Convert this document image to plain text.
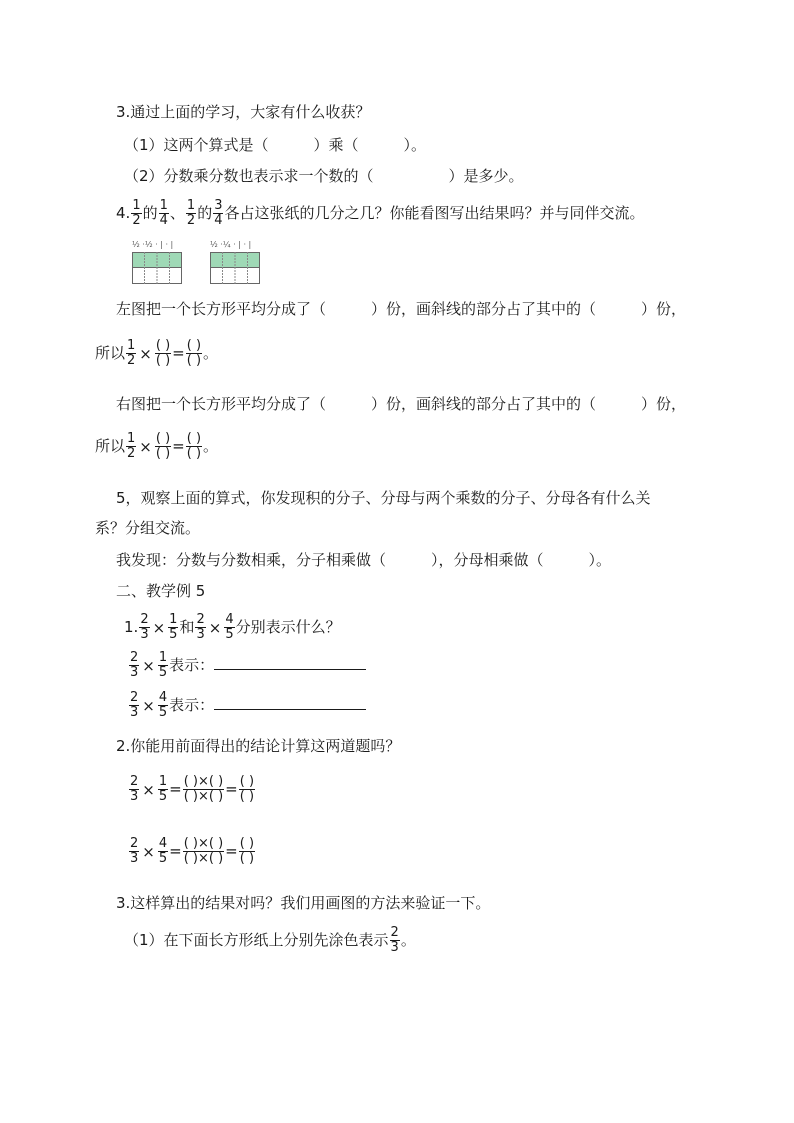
3.通过上面的学习，大家有什么收获？
（1）这两个算式是（　　　）乘（　　　）。
（2）分数乘分数也表示求一个数的（　　　　　）是多少。
4. $\frac{1}{2}$ 的 $\frac{1}{4}$ 、 $\frac{1}{2}$ 的 $\frac{3}{4}$ 各占这张纸的几分之几？你能看图写出结果吗？并与同伴交流。
½ ·½ · | · |	½ ·¼ · | · |
左图把一个长方形平均分成了（　　　）份，画斜线的部分占了其中的（　　　）份，
所以 $\frac{1}{2} \times \frac{( )}{( )} = \frac{( )}{( )}$ 。
右图把一个长方形平均分成了（　　　）份，画斜线的部分占了其中的（　　　）份，
所以 $\frac{1}{2} \times \frac{( )}{( )} = \frac{( )}{( )}$ 。
5，观察上面的算式，你发现积的分子、分母与两个乘数的分子、分母各有什么关
系？分组交流。
我发现：分数与分数相乘，分子相乘做（　　　），分母相乘做（　　　）。
二、教学例 5
1. $\frac{2}{3} \times \frac{1}{5}$ 和 $\frac{2}{3} \times \frac{4}{5}$ 分别表示什么？
$\frac{2}{3} \times \frac{1}{5}$ 表示：
$\frac{2}{3} \times \frac{4}{5}$ 表示：
2.你能用前面得出的结论计算这两道题吗？
$\frac{2}{3} \times \frac{1}{5} = \frac{( )\times( )}{( )\times( )} = \frac{( )}{( )}$
$\frac{2}{3} \times \frac{4}{5} = \frac{( )\times( )}{( )\times( )} = \frac{( )}{( )}$
3.这样算出的结果对吗？我们用画图的方法来验证一下。
（1）在下面长方形纸上分别先涂色表示 $\frac{2}{3}$ 。
